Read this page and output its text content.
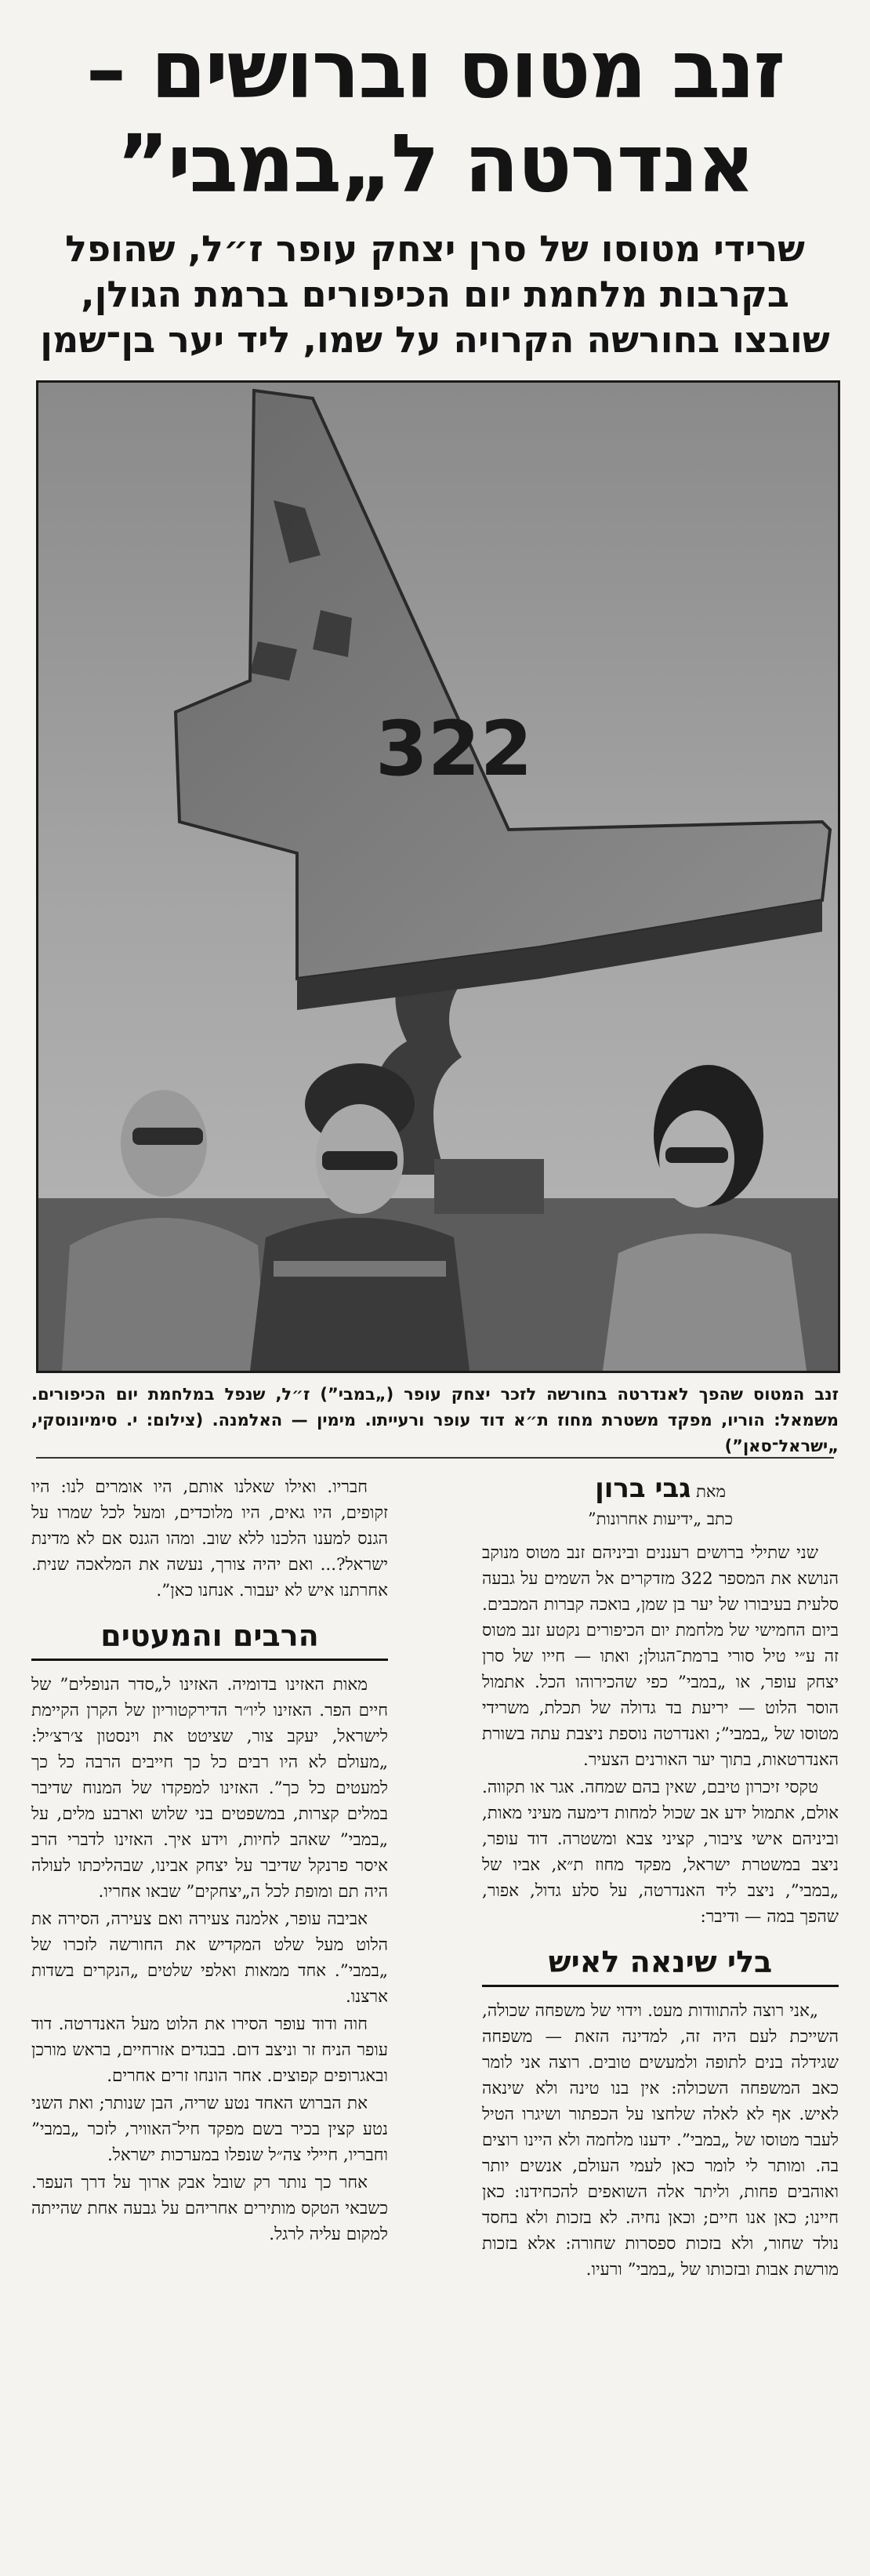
זנב מטוס וברושים –
אנדרטה ל„במבי”
שרידי מטוסו של סרן יצחק עופר ז״ל, שהופל בקרבות מלחמת יום הכיפורים ברמת הגולן, שובצו בחורשה הקרויה על שמו, ליד יער בן־שמן
322
זנב המטוס שהפך לאנדרטה בחורשה לזכר יצחק עופר („במבי”) ז״ל, שנפל במלחמת יום הכיפורים. משמאל: הוריו, מפקד משטרת מחוז ת״א דוד עופר ורעייתו. מימין — האלמנה. (צילום: י. סימיונוסקי, „ישראל־סאן”)
מאת גבי ברון
כתב „ידיעות אחרונות”

שני שתילי ברושים רעננים וביניהם זנב מטוס מנוקב הנושא את המספר 322 מזדקרים אל השמים על גבעה סלעית בעיבורו של יער בן שמן, בואכה קברות המכבים. ביום החמישי של מלחמת יום הכיפורים נקטע זנב מטוס זה ע״י טיל סורי ברמת־הגולן; ואתו — חייו של סרן יצחק עופר, או „במבי” כפי שהכירוהו הכל. אתמול הוסר הלוט — יריעת בד גדולה של תכלת, משרידי מטוסו של „במבי”; ואנדרטה נוספת ניצבת עתה בשורת האנדרטאות, בתוך יער האורנים הצעיר.

טקסי זיכרון טיבם, שאין בהם שמחה. אגר או תקווה. אולם, אתמול ידע אב שכול למחות דימעה מעיני מאות, וביניהם אישי ציבור, קציני צבא ומשטרה. דוד עופר, ניצב במשטרת ישראל, מפקד מחוז ת״א, אביו של „במבי”, ניצב ליד האנדרטה, על סלע גדול, אפור, שהפך במה — ודיבר:

בלי שינאה לאיש

„אני רוצה להתוודות מעט. וידוי של משפחה שכולה, השייכת לעם היה זה, למדינה הזאת — משפחה שגידלה בנים לתופה ולמעשים טובים. רוצה אני לומר כאב המשפחה השכולה: אין בנו טינה ולא שינאה לאיש. אף לא לאלה שלחצו על הכפתור ושיגרו הטיל לעבר מטוסו של „במבי”. ידענו מלחמה ולא היינו רוצים בה. ומותר לי לומר כאן לעמי העולם, אנשים יותר ואוהבים פחות, וליתר אלה השואפים להכחידנו: כאן חיינו; כאן אנו חיים; וכאן נחיה. לא בזכות ולא בחסד נולד שחור, ולא בזכות ספסרות שחורה: אלא בזכות מורשת אבות ובזכותו של „במבי” ורעיו.

חבריו. ואילו שאלנו אותם, היו אומרים לנו: היו זקופים, היו גאים, היו מלוכדים, ומעל לכל שמרו על הגנס למענו הלכנו ללא שוב. ומהו הגנס אם לא מדינת ישראל?... ואם יהיה צורך, נעשה את המלאכה שנית. אחרתנו איש לא יעבור. אנחנו כאן”.

הרבים והמעטים

מאות האזינו בדומיה. האזינו ל„סדר הנופלים” של חיים הפר. האזינו ליו״ר הדירקטוריון של הקרן הקיימת לישראל, יעקב צור, שציטט את וינסטון צ׳רצ׳יל: „מעולם לא היו רבים כל כך חייבים הרבה כל כך למעטים כל כך”. האזינו למפקדו של המנוח שדיבר במלים קצרות, במשפטים בני שלוש וארבע מלים, על „במבי” שאהב לחיות, וידע איך. האזינו לדברי הרב איסר פרנקל שדיבר על יצחק אבינו, שבהליכתו לעולה היה תם ומופת לכל ה„יצחקים” שבאו אחריו.

אביבה עופר, אלמנה צעירה ואם צעירה, הסירה את הלוט מעל שלט המקדיש את החורשה לזכרו של „במבי”. אחד ממאות ואלפי שלטים „הנקרים בשדות ארצנו.

חוה ודוד עופר הסירו את הלוט מעל האנדרטה. דוד עופר הניח זר וניצב דום. בבגדים אזרחיים, בראש מורכן ובאגרופים קפוצים. אחר הונחו זרים אחרים.

את הברוש האחד נטע שריה, הבן שנותר; ואת השני נטע קצין בכיר בשם מפקד חיל־האוויר, לזכר „במבי” וחבריו, חיילי צה״ל שנפלו במערכות ישראל.

אחר כך נותר רק שובל אבק ארוך על דרך העפר. כשבאי הטקס מותירים אחריהם על גבעה אחת שהייתה למקום עליה לרגל.
